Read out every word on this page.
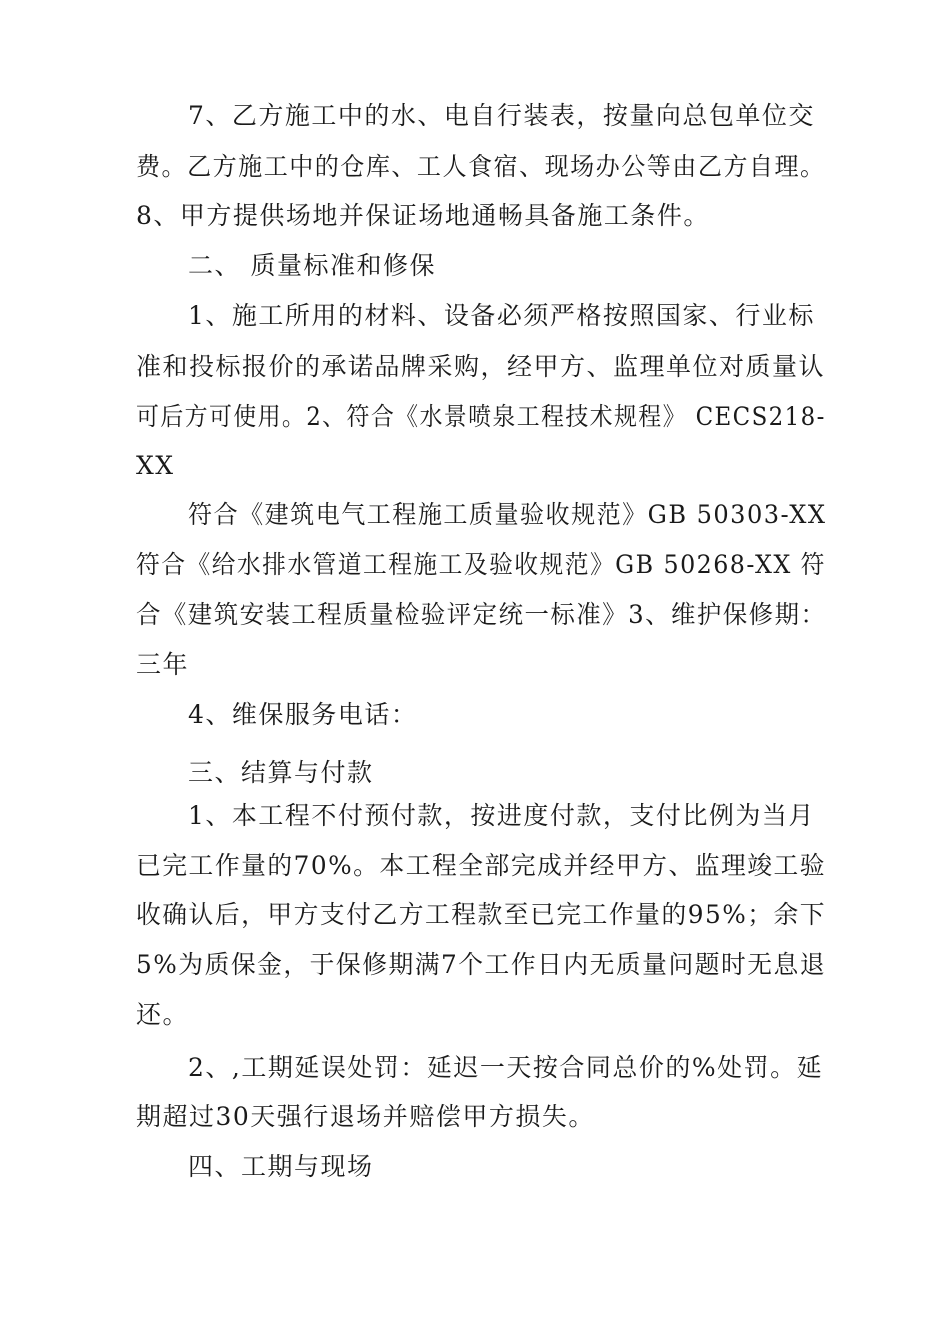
7、乙方施工中的水、电自行装表，按量向总包单位交

费。乙方施工中的仓库、工人食宿、现场办公等由乙方自理。

8、甲方提供场地并保证场地通畅具备施工条件。

二、 质量标准和修保

1、施工所用的材料、设备必须严格按照国家、行业标

准和投标报价的承诺品牌采购，经甲方、监理单位对质量认

可后方可使用。2、符合《水景喷泉工程技术规程》 CECS218-

XX

符合《建筑电气工程施工质量验收规范》GB 50303-XX

符合《给水排水管道工程施工及验收规范》GB 50268-XX 符

合《建筑安装工程质量检验评定统一标准》3、维护保修期：

三年

4、维保服务电话：

三、结算与付款

1、本工程不付预付款，按进度付款，支付比例为当月

已完工作量的70%。本工程全部完成并经甲方、监理竣工验

收确认后，甲方支付乙方工程款至已完工作量的95%；余下

5%为质保金，于保修期满7个工作日内无质量问题时无息退

还。

2、,工期延误处罚：延迟一天按合同总价的%处罚。延

期超过30天强行退场并赔偿甲方损失。

四、工期与现场
